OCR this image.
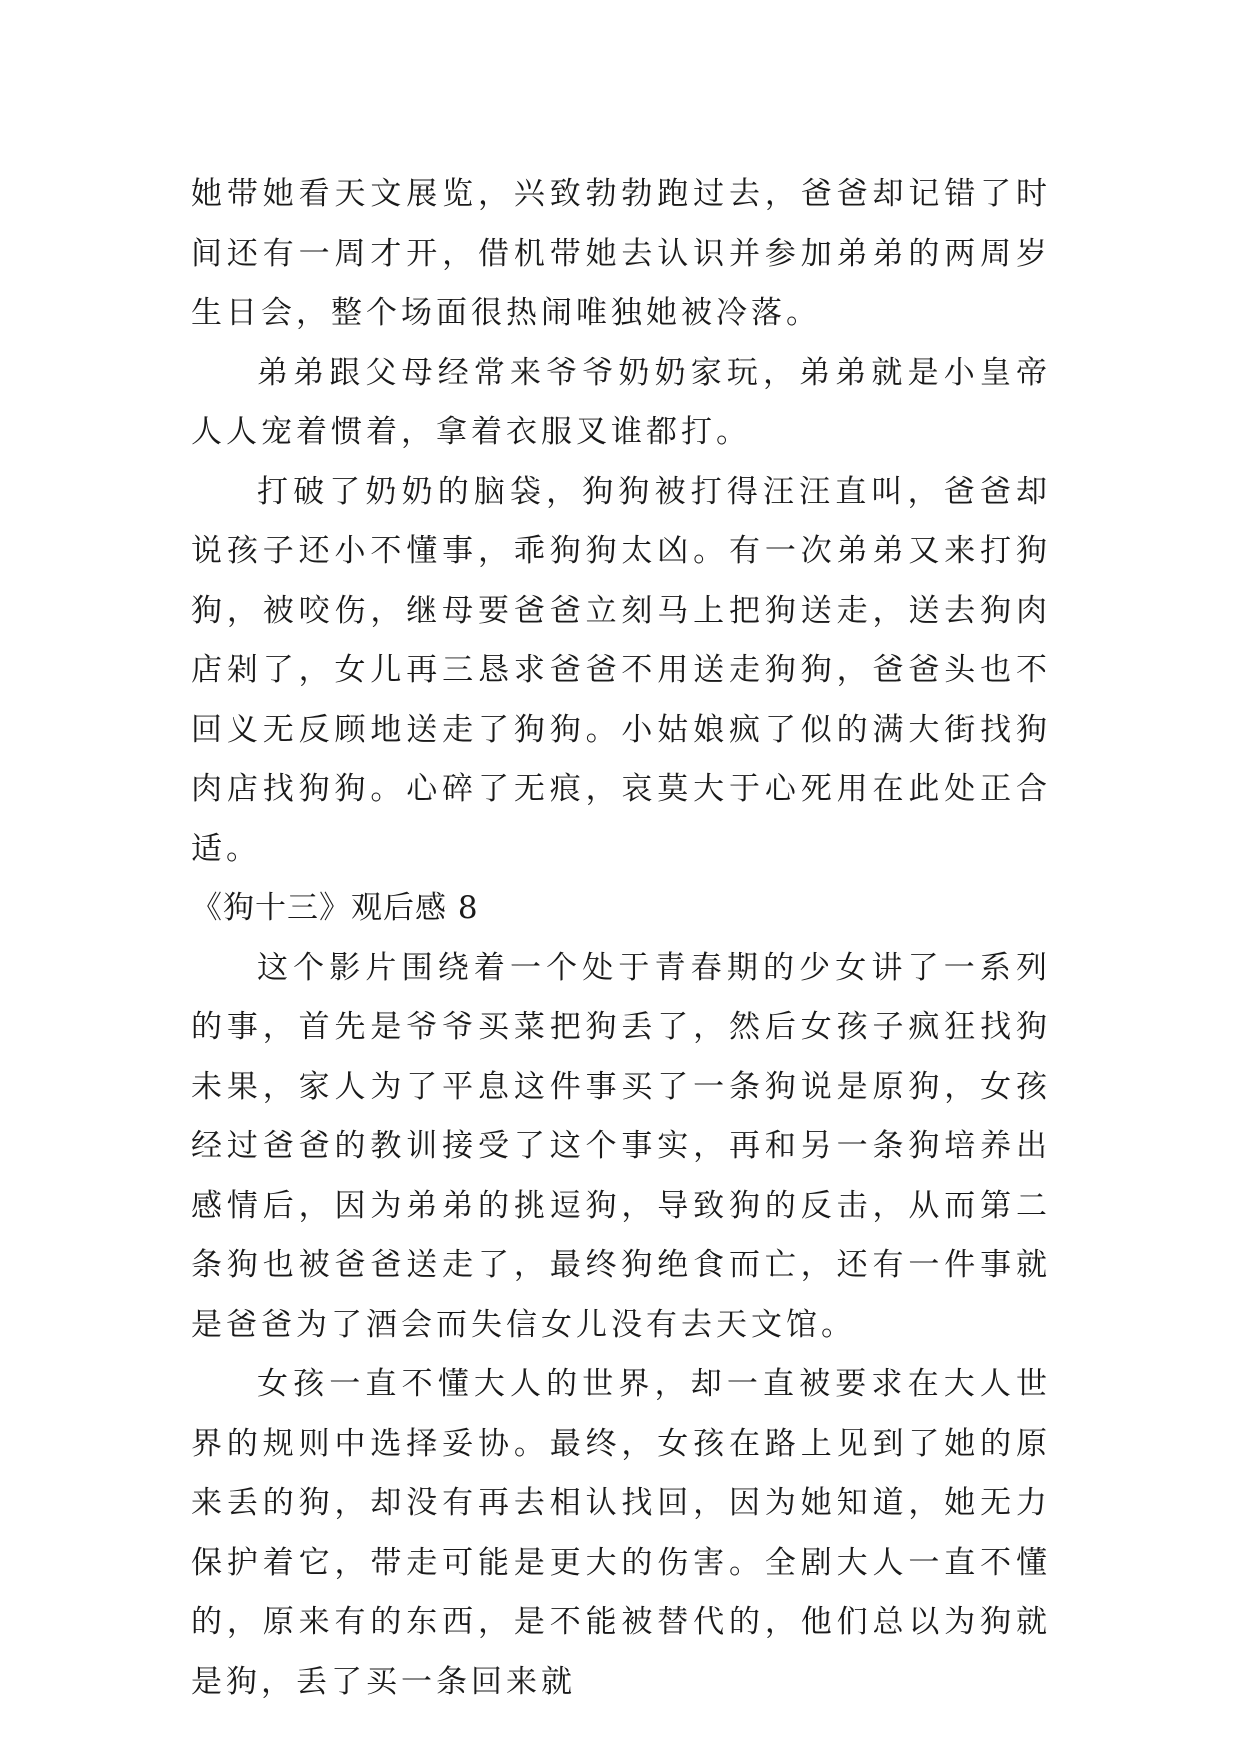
她带她看天文展览，兴致勃勃跑过去，爸爸却记错了时间还有一周才开，借机带她去认识并参加弟弟的两周岁生日会，整个场面很热闹唯独她被冷落。

弟弟跟父母经常来爷爷奶奶家玩，弟弟就是小皇帝人人宠着惯着，拿着衣服叉谁都打。

打破了奶奶的脑袋，狗狗被打得汪汪直叫，爸爸却说孩子还小不懂事，乖狗狗太凶。有一次弟弟又来打狗狗，被咬伤，继母要爸爸立刻马上把狗送走，送去狗肉店剁了，女儿再三恳求爸爸不用送走狗狗，爸爸头也不回义无反顾地送走了狗狗。小姑娘疯了似的满大街找狗肉店找狗狗。心碎了无痕，哀莫大于心死用在此处正合适。

《狗十三》观后感 8

这个影片围绕着一个处于青春期的少女讲了一系列的事，首先是爷爷买菜把狗丢了，然后女孩子疯狂找狗未果，家人为了平息这件事买了一条狗说是原狗，女孩经过爸爸的教训接受了这个事实，再和另一条狗培养出感情后，因为弟弟的挑逗狗，导致狗的反击，从而第二条狗也被爸爸送走了，最终狗绝食而亡，还有一件事就是爸爸为了酒会而失信女儿没有去天文馆。

女孩一直不懂大人的世界，却一直被要求在大人世界的规则中选择妥协。最终，女孩在路上见到了她的原来丢的狗，却没有再去相认找回，因为她知道，她无力保护着它，带走可能是更大的伤害。全剧大人一直不懂的，原来有的东西，是不能被替代的，他们总以为狗就是狗，丢了买一条回来就
